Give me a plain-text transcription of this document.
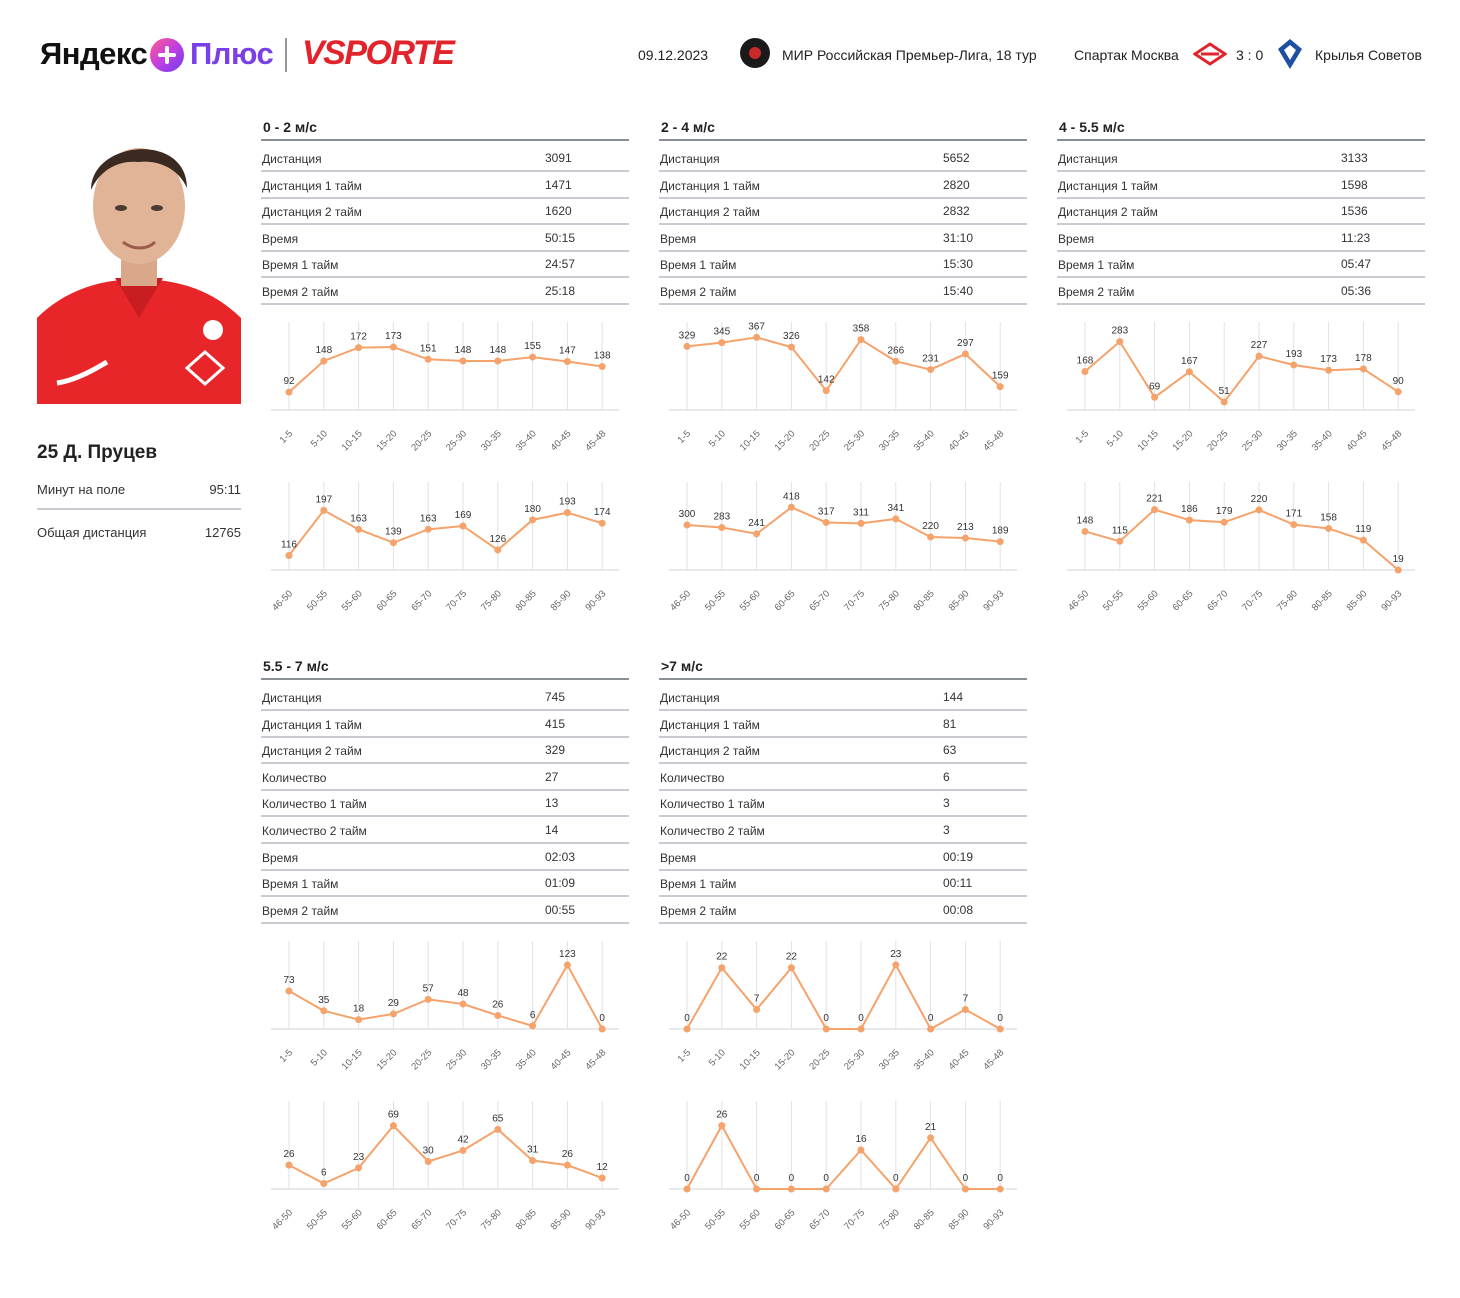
Яндекс Плюс VSPORTE	09.12.2023	МИР Российская Премьер-Лига, 18 тур	Спартак Москва	3 : 0	Крылья Советов
25 Д. Пруцев
Минут на поле	95:11
Общая дистанция	12765
0 - 2 м/с
Дистанция	3091
Дистанция 1 тайм	1471
Дистанция 2 тайм	1620
Время	50:15
Время 1 тайм	24:57
Время 2 тайм	25:18
2 - 4 м/с
Дистанция	5652
Дистанция 1 тайм	2820
Дистанция 2 тайм	2832
Время	31:10
Время 1 тайм	15:30
Время 2 тайм	15:40
4 - 5.5 м/с
Дистанция	3133
Дистанция 1 тайм	1598
Дистанция 2 тайм	1536
Время	11:23
Время 1 тайм	05:47
Время 2 тайм	05:36
5.5 - 7 м/с
Дистанция	745
Дистанция 1 тайм	415
Дистанция 2 тайм	329
Количество	27
Количество 1 тайм	13
Количество 2 тайм	14
Время	02:03
Время 1 тайм	01:09
Время 2 тайм	00:55
>7 м/с
Дистанция	144
Дистанция 1 тайм	81
Дистанция 2 тайм	63
Количество	6
Количество 1 тайм	3
Количество 2 тайм	3
Время	00:19
Время 1 тайм	00:11
Время 2 тайм	00:08
92
148
172 173
151 148 148 155 147 138
1-5 5-10 10-15 15-20 20-25 25-30 30-35 35-40 40-45 45-48
116
197
163
139
163 169
126
180
193
174
46-50 50-55 55-60 60-65 65-70 70-75 75-80 80-85 85-90 90-93
329 345 367
326
142
358
266
231
297
159
1-5 5-10 10-15 15-20 20-25 25-30 30-35 35-40 40-45 45-48
300 283
241
418
317 311 341
220 213 189
46-50 50-55 55-60 60-65 65-70 70-75 75-80 80-85 85-90 90-93
168
283
69
167
51
227
193 173 178
90
1-5 5-10 10-15 15-20 20-25 25-30 30-35 35-40 40-45 45-48
148
115
221
186 179
220
171 158
119
19
46-50 50-55 55-60 60-65 65-70 70-75 75-80 80-85 85-90 90-93
73
35
18
29
57 48
26
6
123
0
1-5 5-10 10-15 15-20 20-25 25-30 30-35 35-40 40-45 45-48
26
6
23
69
30
42
65
31 26
12
46-50 50-55 55-60 60-65 65-70 70-75 75-80 80-85 85-90 90-93
0
22
7
22
0	0
23
0
7
0
1-5 5-10 10-15 15-20 20-25 25-30 30-35 35-40 40-45 45-48
0
26
0	0	0
16
0
21
0	0
46-50 50-55 55-60 60-65 65-70 70-75 75-80 80-85 85-90 90-93
